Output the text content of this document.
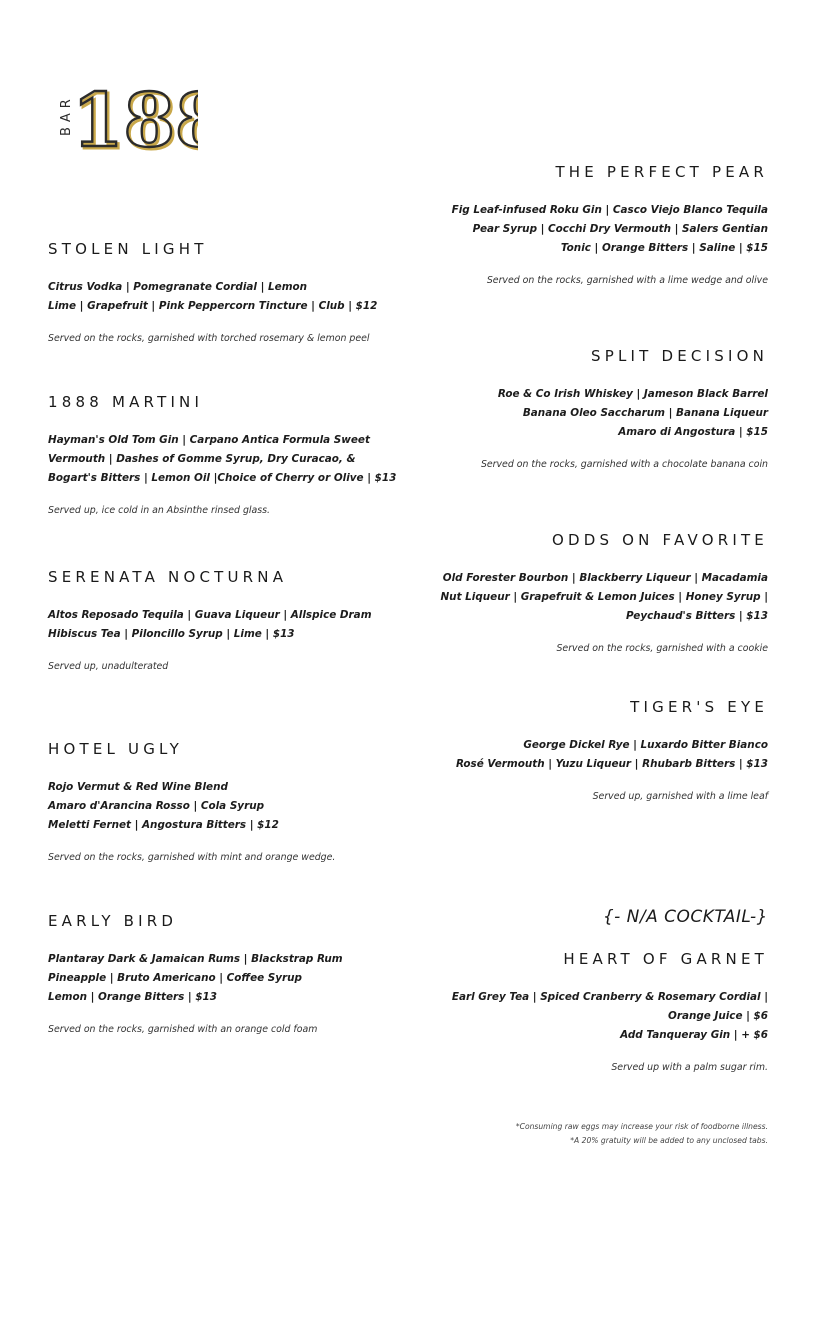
BAR 18
18
STOLEN LIGHT
Citrus Vodka | Pomegranate Cordial | Lemon
Lime | Grapefruit | Pink Peppercorn Tincture | Club | $12
Served on the rocks, garnished with torched rosemary & lemon peel
1888 MARTINI
Hayman's Old Tom Gin | Carpano Antica Formula Sweet
Vermouth | Dashes of Gomme Syrup, Dry Curacao, &
Bogart's Bitters | Lemon Oil |Choice of Cherry or Olive | $13
Served up, ice cold in an Absinthe rinsed glass.
SERENATA NOCTURNA
Altos Reposado Tequila | Guava Liqueur | Allspice Dram
Hibiscus Tea | Piloncillo Syrup | Lime | $13
Served up, unadulterated
HOTEL UGLY
Rojo Vermut & Red Wine Blend
Amaro d'Arancina Rosso | Cola Syrup
Meletti Fernet | Angostura Bitters | $12
Served on the rocks, garnished with mint and orange wedge.
EARLY BIRD
Plantaray Dark & Jamaican Rums | Blackstrap Rum
Pineapple | Bruto Americano | Coffee Syrup
Lemon | Orange Bitters | $13
Served on the rocks, garnished with an orange cold foam
THE PERFECT PEAR
Fig Leaf-infused Roku Gin | Casco Viejo Blanco Tequila
Pear Syrup | Cocchi Dry Vermouth | Salers Gentian
Tonic | Orange Bitters | Saline | $15
Served on the rocks, garnished with a lime wedge and olive
SPLIT DECISION
Roe & Co Irish Whiskey | Jameson Black Barrel
Banana Oleo Saccharum | Banana Liqueur
Amaro di Angostura | $15
Served on the rocks, garnished with a chocolate banana coin
ODDS ON FAVORITE
Old Forester Bourbon | Blackberry Liqueur | Macadamia
Nut Liqueur | Grapefruit & Lemon Juices | Honey Syrup |
Peychaud's Bitters | $13
Served on the rocks, garnished with a cookie
TIGER'S EYE
George Dickel Rye | Luxardo Bitter Bianco
Rosé Vermouth | Yuzu Liqueur | Rhubarb Bitters | $13
Served up, garnished with a lime leaf
{- N/A COCKTAIL-}
HEART OF GARNET
Earl Grey Tea | Spiced Cranberry & Rosemary Cordial |
Orange Juice | $6
Add Tanqueray Gin | + $6
Served up with a palm sugar rim.
*Consuming raw eggs may increase your risk of foodborne illness.
*A 20% gratuity will be added to any unclosed tabs.
